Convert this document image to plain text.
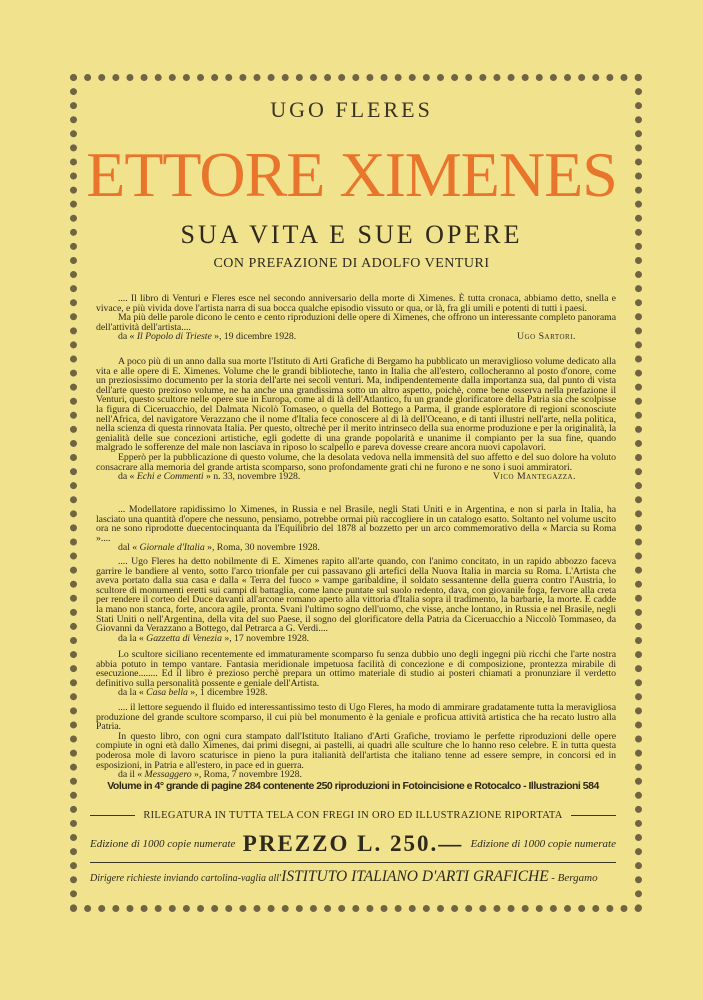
UGO FLERES
ETTORE XIMENES
SUA VITA E SUE OPERE
CON PREFAZIONE DI ADOLFO VENTURI

.... Il libro di Venturi e Fleres esce nel secondo anniversario della morte di Ximenes. È tutta cronaca, abbiamo detto, snella e vivace, e più vivida dove l'artista narra di sua bocca qualche episodio vissuto or qua, or là, fra gli umili e potenti di tutti i paesi.

Ma più delle parole dicono le cento e cento riproduzioni delle opere di Ximenes, che offrono un interessante completo panorama dell'attività dell'artista....

da « Il Popolo di Trieste », 19 dicembre 1928.	Ugo Sartori.

A poco più di un anno dalla sua morte l'Istituto di Arti Grafiche di Bergamo ha pubblicato un meraviglioso volume dedicato alla vita e alle opere di E. Ximenes. Volume che le grandi biblioteche, tanto in Italia che all'estero, collocheranno al posto d'onore, come un preziosissimo documento per la storia dell'arte nei secoli venturi. Ma, indipendentemente dalla importanza sua, dal punto di vista dell'arte questo prezioso volume, ne ha anche una grandissima sotto un altro aspetto, poichè, come bene osserva nella prefazione il Venturi, questo scultore nelle opere sue in Europa, come al di là dell'Atlantico, fu un grande glorificatore della Patria sia che scolpisse la figura di Ciceruacchio, del Dalmata Nicolò Tomaseo, o quella del Bottego a Parma, il grande esploratore di regioni sconosciute nell'Africa, del navigatore Verazzano che il nome d'Italia fece conoscere al di là dell'Oceano, e di tanti illustri nell'arte, nella politica, nella scienza di questa rinnovata Italia. Per questo, oltrechè per il merito intrinseco della sua enorme produzione e per la originalità, la genialità delle sue concezioni artistiche, egli godette di una grande popolarità e unanime il compianto per la sua fine, quando malgrado le sofferenze del male non lasciava in riposo lo scalpello e pareva dovesse creare ancora nuovi capolavori.

Epperò per la pubblicazione di questo volume, che la desolata vedova nella immensità del suo affetto e del suo dolore ha voluto consacrare alla memoria del grande artista scomparso, sono profondamente grati chi ne furono e ne sono i suoi ammiratori.

da « Echi e Commenti » n. 33, novembre 1928.	Vico Mantegazza.

... Modellatore rapidissimo lo Ximenes, in Russia e nel Brasile, negli Stati Uniti e in Argentina, e non si parla in Italia, ha lasciato una quantità d'opere che nessuno, pensiamo, potrebbe ormai più raccogliere in un catalogo esatto. Soltanto nel volume uscito ora ne sono riprodotte duecentocinquanta da l'Equilibrio del 1878 al bozzetto per un arco commemorativo della « Marcia su Roma »....

dal « Giornale d'Italia », Roma, 30 novembre 1928.

.... Ugo Fleres ha detto nobilmente di E. Ximenes rapito all'arte quando, con l'animo concitato, in un rapido abbozzo faceva garrire le bandiere al vento, sotto l'arco trionfale per cui passavano gli artefici della Nuova Italia in marcia su Roma. L'Artista che aveva portato dalla sua casa e dalla « Terra del fuoco » vampe garibaldine, il soldato sessantenne della guerra contro l'Austria, lo scultore di monumenti eretti sui campi di battaglia, come lance puntate sul suolo redento, dava, con giovanile foga, fervore alla creta per rendere il corteo del Duce davanti all'arcone romano aperto alla vittoria d'Italia sopra il tradimento, la barbarie, la morte. E cadde la mano non stanca, forte, ancora agile, pronta. Svanì l'ultimo sogno dell'uomo, che visse, anche lontano, in Russia e nel Brasile, negli Stati Uniti o nell'Argentina, della vita del suo Paese, il sogno del glorificatore della Patria da Ciceruacchio a Niccolò Tommaseo, da Giovanni da Verazzano a Bottego, dal Petrarca a G. Verdi....

da la « Gazzetta di Venezia », 17 novembre 1928.

Lo scultore siciliano recentemente ed immaturamente scomparso fu senza dubbio uno degli ingegni più ricchi che l'arte nostra abbia potuto in tempo vantare. Fantasia meridionale impetuosa facilità di concezione e di composizione, prontezza mirabile di esecuzione........ Ed il libro è prezioso perchè prepara un ottimo materiale di studio ai posteri chiamati a pronunziare il verdetto definitivo sulla personalità possente e geniale dell'Artista.

da la « Casa bella », 1 dicembre 1928.

.... il lettore seguendo il fluido ed interessantissimo testo di Ugo Fleres, ha modo di ammirare gradatamente tutta la meravigliosa produzione del grande scultore scomparso, il cui più bel monumento è la geniale e proficua attività artistica che ha recato lustro alla Patria.

In questo libro, con ogni cura stampato dall'Istituto Italiano d'Arti Grafiche, troviamo le perfette riproduzioni delle opere compiute in ogni età dallo Ximenes, dai primi disegni, ai pastelli, ai quadri alle sculture che lo hanno reso celebre. E in tutta questa poderosa mole di lavoro scaturisce in pieno la pura italianità dell'artista che italiano tenne ad essere sempre, in concorsi ed in esposizioni, in Patria e all'estero, in pace ed in guerra.

da il « Messaggero », Roma, 7 novembre 1928.
Volume in 4° grande di pagine 284 contenente 250 riproduzioni in Fotoincisione e Rotocalco - Illustrazioni 584
RILEGATURA IN TUTTA TELA CON FREGI IN ORO ED ILLUSTRAZIONE RIPORTATA
Edizione di 1000 copie numerate PREZZO L. 250.— Edizione di 1000 copie numerate
Dirigere richieste inviando cartolina-vaglia all'ISTITUTO ITALIANO D'ARTI GRAFICHE - Bergamo
